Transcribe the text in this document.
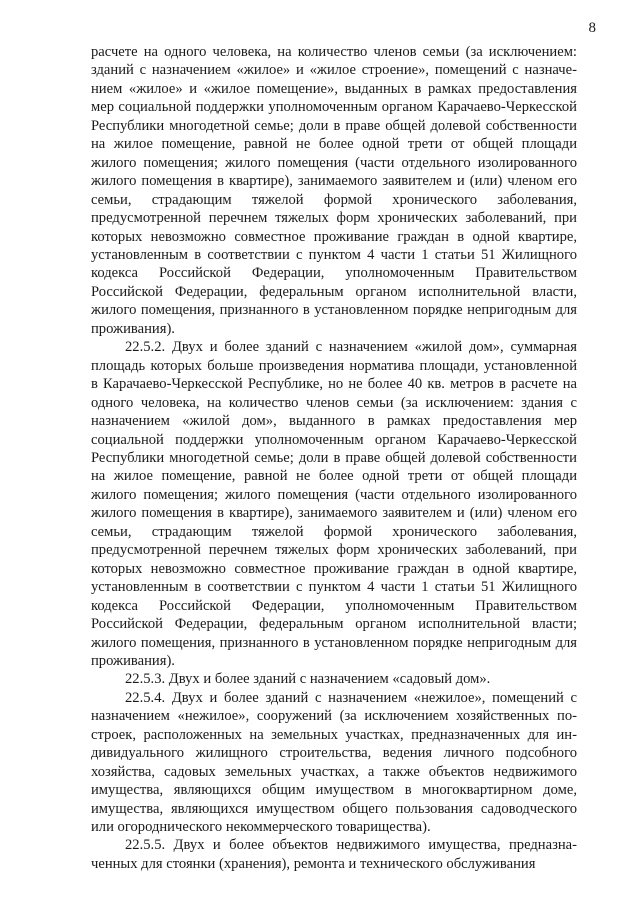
8

расчете на одного человека, на количество членов семьи (за исключением: зданий с назначением «жилое» и «жилое строение», помещений с назначением «жилое» и «жилое помещение», выданных в рамках предоставления мер социальной поддержки уполномоченным органом Карачаево-Черкесской Республики многодетной семье; доли в праве общей долевой собственности на жилое помещение, равной не более одной трети от общей площади жилого помещения; жилого помещения (части отдельного изолированного жилого помещения в квартире), занимаемого заявителем и (или) членом его семьи, страдающим тяжелой формой хронического заболевания, предусмотренной перечнем тяжелых форм хронических заболеваний, при которых невозможно совместное проживание граждан в одной квартире, установленным в соответствии с пунктом 4 части 1 статьи 51 Жилищного кодекса Российской Федерации, уполномоченным Правительством Российской Федерации, федеральным органом исполнительной власти, жилого помещения, признанного в установленном порядке непригодным для проживания).

22.5.2. Двух и более зданий с назначением «жилой дом», суммарная площадь которых больше произведения норматива площади, установленной в Карачаево-Черкесской Республике, но не более 40 кв. метров в расчете на одного человека, на количество членов семьи (за исключением: здания с назначением «жилой дом», выданного в рамках предоставления мер социальной поддержки уполномоченным органом Карачаево-Черкесской Республики многодетной семье; доли в праве общей долевой собственности на жилое помещение, равной не более одной трети от общей площади жилого помещения; жилого помещения (части отдельного изолированного жилого помещения в квартире), занимаемого заявителем и (или) членом его семьи, страдающим тяжелой формой хронического заболевания, предусмотренной перечнем тяжелых форм хронических заболеваний, при которых невозможно совместное проживание граждан в одной квартире, установленным в соответствии с пунктом 4 части 1 статьи 51 Жилищного кодекса Российской Федерации, уполномоченным Правительством Российской Федерации, федеральным органом исполнительной власти; жилого помещения, признанного в установленном порядке непригодным для проживания).

22.5.3. Двух и более зданий с назначением «садовый дом».

22.5.4. Двух и более зданий с назначением «нежилое», помещений с назначением «нежилое», сооружений (за исключением хозяйственных построек, расположенных на земельных участках, предназначенных для индивидуального жилищного строительства, ведения личного подсобного хозяйства, садовых земельных участках, а также объектов недвижимого имущества, являющихся общим имуществом в многоквартирном доме, имущества, являющихся имуществом общего пользования садоводческого или огороднического некоммерческого товарищества).

22.5.5. Двух и более объектов недвижимого имущества, предназначенных для стоянки (хранения), ремонта и технического обслуживания
